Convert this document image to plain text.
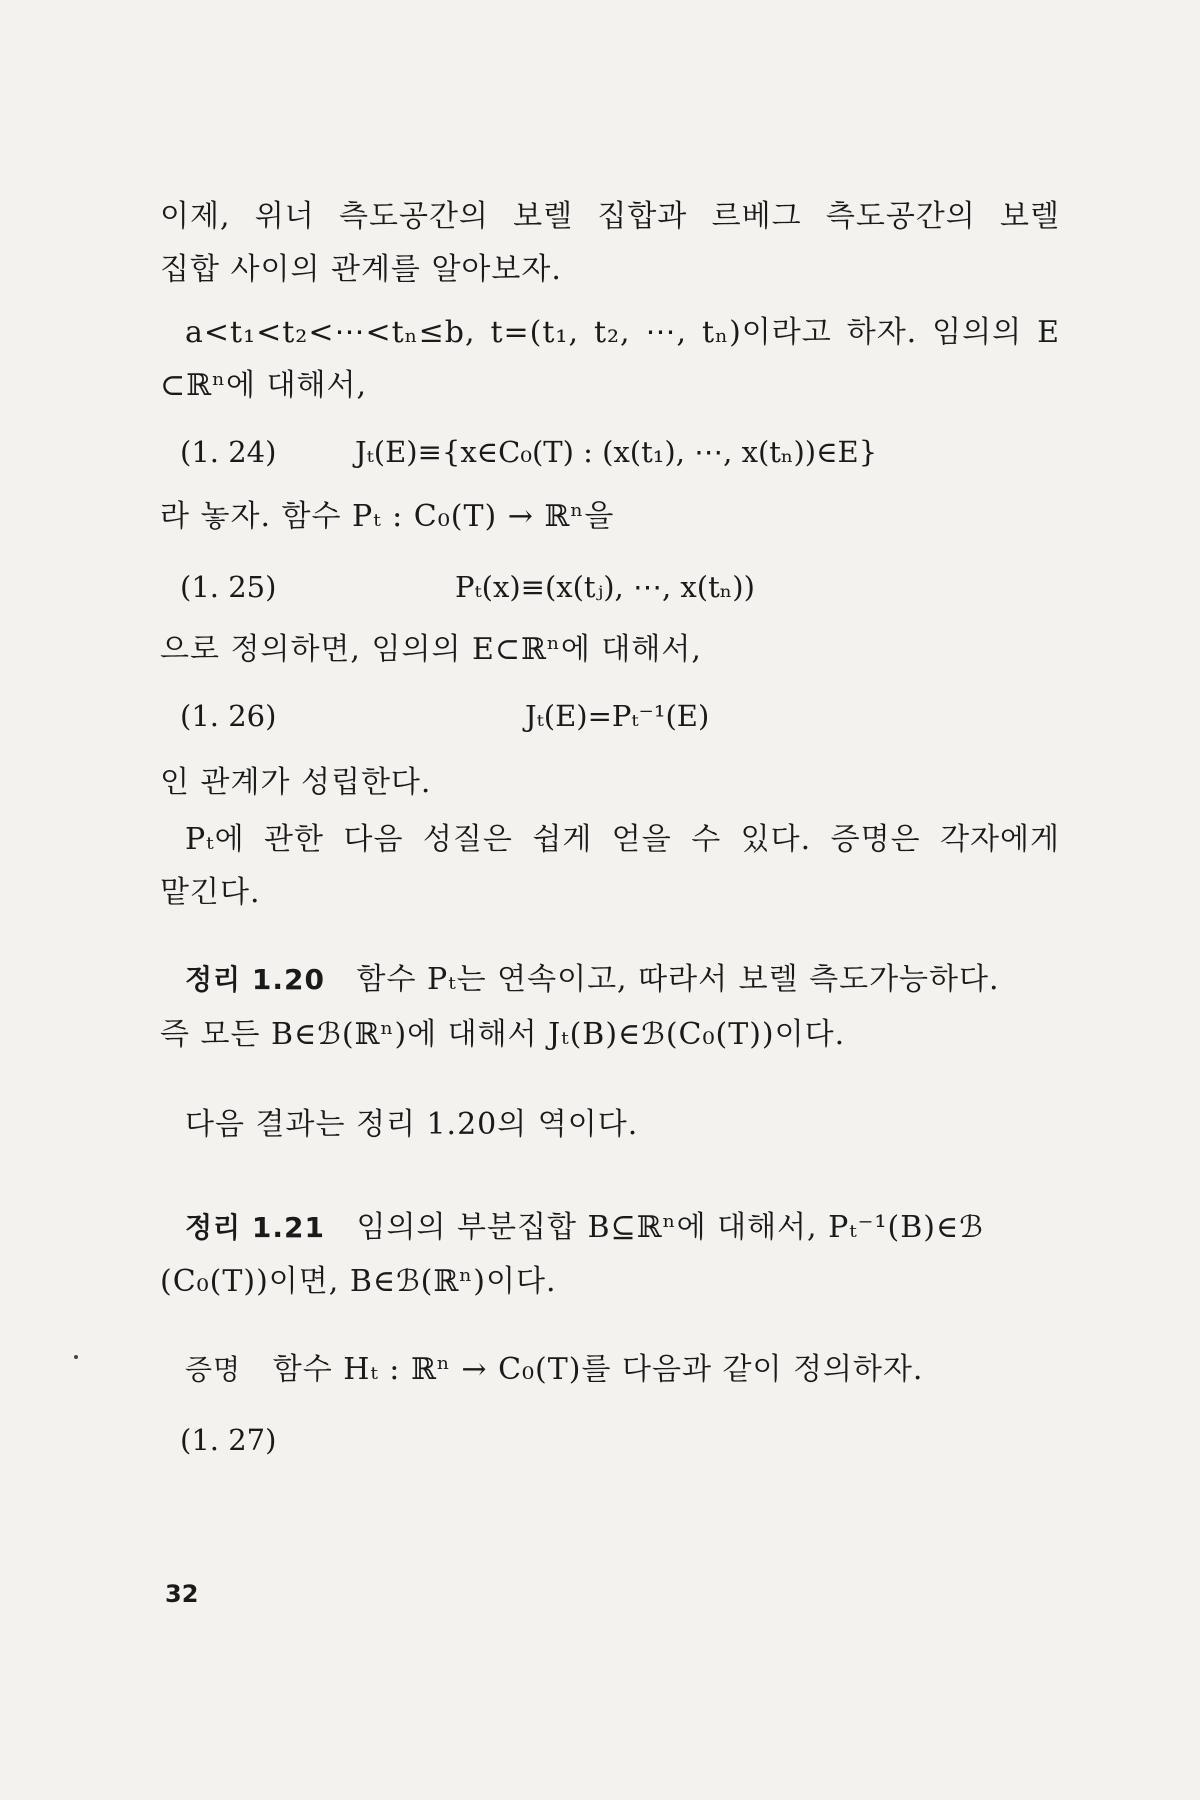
이제, 위너 측도공간의 보렐 집합과 르베그 측도공간의 보렐
집합 사이의 관계를 알아보자.
a<t₁<t₂<⋯<tₙ≤b, t=(t₁, t₂, ⋯, tₙ)이라고 하자. 임의의 E
⊂ℝⁿ에 대해서,
(1. 24)	Jₜ(E)≡{x∈C₀(T) : (x(t₁), ⋯, x(tₙ))∈E}
라 놓자. 함수 Pₜ : C₀(T) → ℝⁿ을
(1. 25)	Pₜ(x)≡(x(tⱼ), ⋯, x(tₙ))
으로 정의하면, 임의의 E⊂ℝⁿ에 대해서,
(1. 26)	Jₜ(E)=Pₜ⁻¹(E)
인 관계가 성립한다.
Pₜ에 관한 다음 성질은 쉽게 얻을 수 있다. 증명은 각자에게
맡긴다.
정리 1.20 함수 Pₜ는 연속이고, 따라서 보렐 측도가능하다.
즉 모든 B∈ℬ(ℝⁿ)에 대해서 Jₜ(B)∈ℬ(C₀(T))이다.
다음 결과는 정리 1.20의 역이다.
정리 1.21 임의의 부분집합 B⊆ℝⁿ에 대해서, Pₜ⁻¹(B)∈ℬ
(C₀(T))이면, B∈ℬ(ℝⁿ)이다.
증명 함수 Hₜ : ℝⁿ → C₀(T)를 다음과 같이 정의하자.
(1. 27)
32
